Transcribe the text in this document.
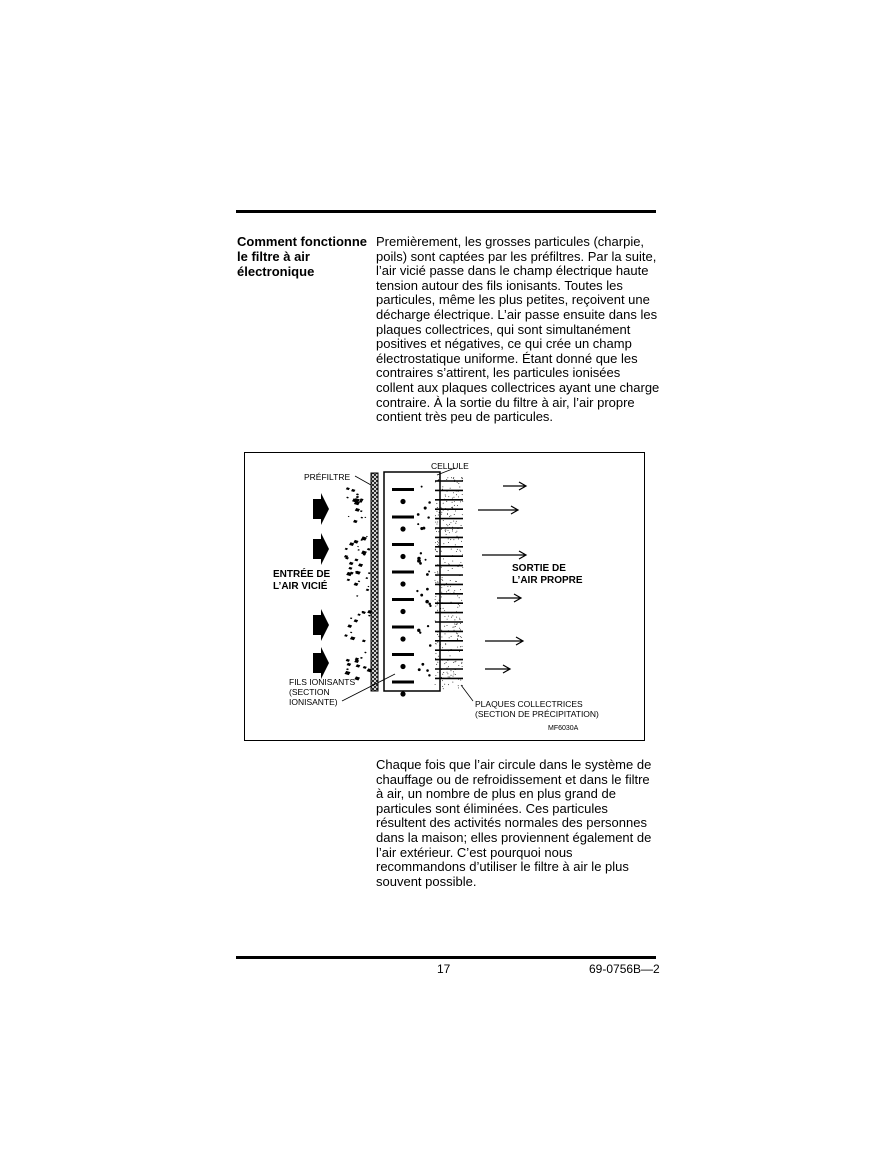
Comment fonctionne le filtre à air électronique

Premièrement, les grosses particules (charpie, poils) sont captées par les préfiltres. Par la suite, l’air vicié passe dans le champ électrique haute tension autour des fils ionisants. Toutes les particules, même les plus petites, reçoivent une décharge électrique. L’air passe ensuite dans les plaques collectrices, qui sont simultanément positives et négatives, ce qui crée un champ électrostatique uniforme. Étant donné que les contraires s’attirent, les particules ionisées collent aux plaques collectrices ayant une charge contraire. À la sortie du filtre à air, l’air propre contient très peu de particules.

PRÉFILTRE
CELLULE
ENTRÉE DE
L’AIR VICIÉ
SORTIE DE
L’AIR PROPRE
FILS IONISANTS
(SECTION
IONISANTE)	PLAQUES COLLECTRICES
(SECTION DE PRÉCIPITATION)
MF6030A

Chaque fois que l’air circule dans le système de chauffage ou de refroidissement et dans le filtre à air, un nombre de plus en plus grand de particules sont éliminées. Ces particules résultent des activités normales des personnes dans la maison; elles proviennent également de l’air extérieur. C’est pourquoi nous recommandons d’utiliser le filtre à air le plus souvent possible.

17	69-0756B—2
